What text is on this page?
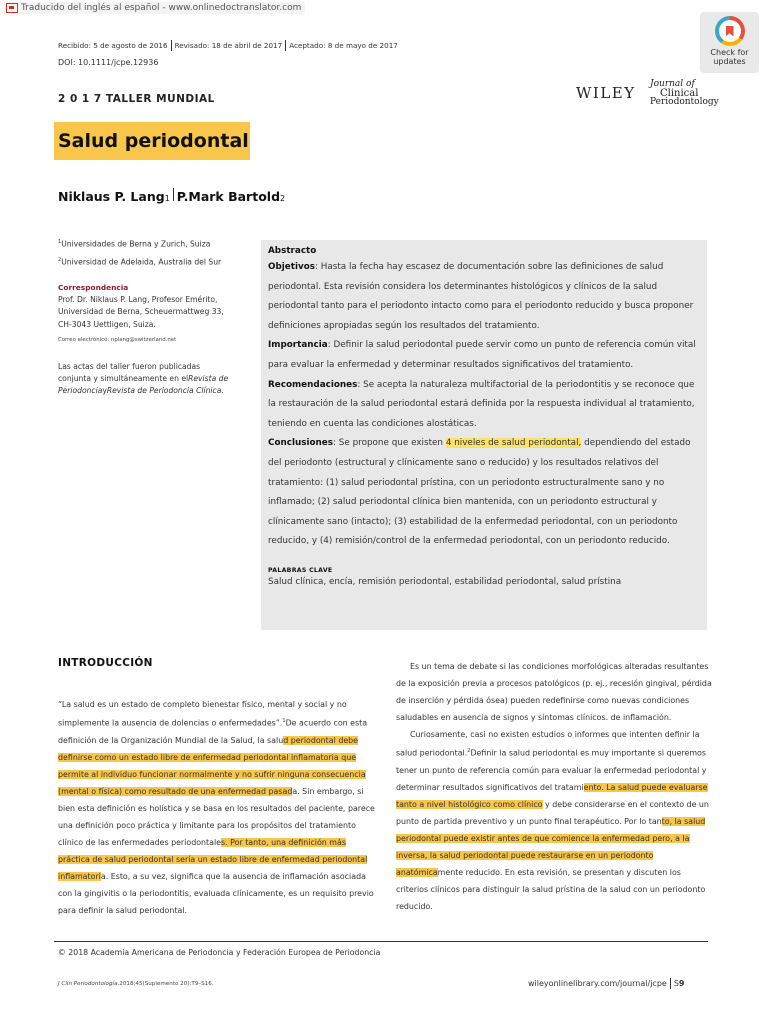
Traducido del inglés al español - www.onlinedoctranslator.com
Recibido: 5 de agosto de 2016 Revisado: 18 de abril de 2017 Aceptado: 8 de mayo de 2017
DOI: 10.1111/jcpe.12936
Check for
updates
2 0 1 7 TALLER MUNDIAL	WILEY Journal of
Clinical
Periodontology
Salud periodontal
Niklaus P. Lang 1 P.Mark Bartold 2
$^1$Universidades de Berna y Zurich, Suiza
$^2$Universidad de Adelaida, Australia del Sur
Correspondencia
Prof. Dr. Niklaus P. Lang, Profesor Emérito,
Universidad de Berna, Scheuermattweg 33,
CH-3043 Uettligen, Suiza.
Correo electrónico: nplang@switzerland.net
Las actas del taller fueron publicadas
conjunta y simultáneamente en elRevista de
PeriodonciayRevista de Periodoncia Clínica.
Abstracto

Objetivos: Hasta la fecha hay escasez de documentación sobre las definiciones de salud periodontal. Esta revisión considera los determinantes histológicos y clínicos de la salud periodontal tanto para el periodonto intacto como para el periodonto reducido y busca proponer definiciones apropiadas según los resultados del tratamiento.
Importancia: Definir la salud periodontal puede servir como un punto de referencia común vital para evaluar la enfermedad y determinar resultados significativos del tratamiento.
Recomendaciones: Se acepta la naturaleza multifactorial de la periodontitis y se reconoce que la restauración de la salud periodontal estará definida por la respuesta individual al tratamiento, teniendo en cuenta las condiciones alostáticas.
Conclusiones: Se propone que existen 4 niveles de salud periodontal, dependiendo del estado del periodonto (estructural y clínicamente sano o reducido) y los resultados relativos del tratamiento: (1) salud periodontal prístina, con un periodonto estructuralmente sano y no inflamado; (2) salud periodontal clínica bien mantenida, con un periodonto estructural y clínicamente sano (intacto); (3) estabilidad de la enfermedad periodontal, con un periodonto reducido, y (4) remisión/control de la enfermedad periodontal, con un periodonto reducido.

PALABRAS CLAVE
Salud clínica, encía, remisión periodontal, estabilidad periodontal, salud prístina
INTRODUCCIÓN

“La salud es un estado de completo bienestar físico, mental y social y no simplemente la ausencia de dolencias o enfermedades”.$^1$De acuerdo con esta definición de la Organización Mundial de la Salud, la salud periodontal debe definirse como un estado libre de enfermedad periodontal inflamatoria que permite al individuo funcionar normalmente y no sufrir ninguna consecuencia (mental o física) como resultado de una enfermedad pasada. Sin embargo, si bien esta definición es holística y se basa en los resultados del paciente, parece una definición poco práctica y limitante para los propósitos del tratamiento clínico de las enfermedades periodontales. Por tanto, una definición más práctica de salud periodontal sería un estado libre de enfermedad periodontal inflamatoria. Esto, a su vez, significa que la ausencia de inflamación asociada con la gingivitis o la periodontitis, evaluada clínicamente, es un requisito previo para definir la salud periodontal.

Es un tema de debate si las condiciones morfológicas alteradas resultantes de la exposición previa a procesos patológicos (p. ej., recesión gingival, pérdida de inserción y pérdida ósea) pueden redefinirse como nuevas condiciones saludables en ausencia de signos y síntomas clínicos. de inflamación.

Curiosamente, casi no existen estudios o informes que intenten definir la salud periodontal.$^2$Definir la salud periodontal es muy importante si queremos tener un punto de referencia común para evaluar la enfermedad periodontal y determinar resultados significativos del tratamiento. La salud puede evaluarse tanto a nivel histológico como clínico y debe considerarse en el contexto de un punto de partida preventivo y un punto final terapéutico. Por lo tanto, la salud periodontal puede existir antes de que comience la enfermedad pero, a la inversa, la salud periodontal puede restaurarse en un periodonto anatómicamente reducido. En esta revisión, se presentan y discuten los criterios clínicos para distinguir la salud prístina de la salud con un periodonto reducido.

© 2018 Academia Americana de Periodoncia y Federación Europea de Periodoncia
J Clin Periodontología.2018;45(Suplemento 20):T9–S16.	wileyonlinelibrary.com/journal/jcpe S9
